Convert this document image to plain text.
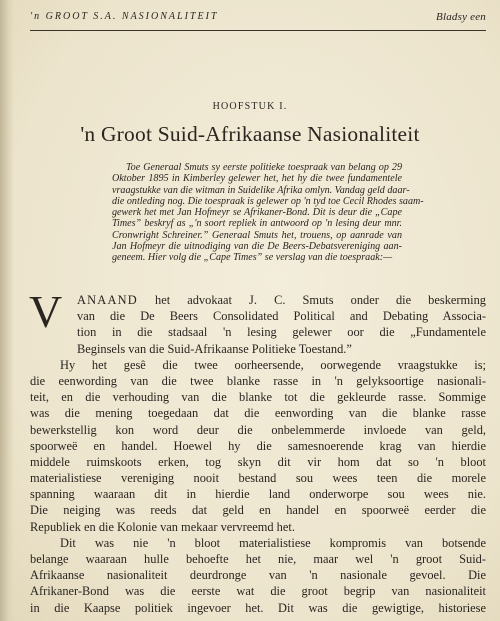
'n GROOT S.A. NASIONALITEIT	Bladsy een
HOOFSTUK I.
'n Groot Suid-Afrikaanse Nasionaliteit
Toe Generaal Smuts sy eerste politieke toespraak van belang op 29
Oktober 1895 in Kimberley gelewer het, het hy die twee fundamentele
vraagstukke van die witman in Suidelike Afrika omlyn. Vandag geld daar-
die ontleding nog. Die toespraak is gelewer op 'n tyd toe Cecil Rhodes saam-
gewerk het met Jan Hofmeyr se Afrikaner-Bond. Dit is deur die „Cape
Times” beskryf as „'n soort repliek in antwoord op 'n lesing deur mnr.
Cronwright Schreiner.” Generaal Smuts het, trouens, op aanrade van
Jan Hofmeyr die uitnodiging van die De Beers-Debatsvereniging aan-
geneem. Hier volg die „Cape Times” se verslag van die toespraak:—
V	ANAAND het advokaat J. C. Smuts onder die beskerming
van die De Beers Consolidated Political and Debating Associa-
tion in die stadsaal 'n lesing gelewer oor die „Fundamentele
Beginsels van die Suid-Afrikaanse Politieke Toestand.”
Hy het gesê die twee oorheersende, oorwegende vraagstukke is;
die eenwording van die twee blanke rasse in 'n gelyksoortige nasionali-
teit, en die verhouding van die blanke tot die gekleurde rasse. Sommige
was die mening toegedaan dat die eenwording van die blanke rasse
bewerkstellig kon word deur die onbelemmerde invloede van geld,
spoorweë en handel. Hoewel hy die samesnoerende krag van hierdie
middele ruimskoots erken, tog skyn dit vir hom dat so 'n bloot
materialistiese vereniging nooit bestand sou wees teen die morele
spanning waaraan dit in hierdie land onderworpe sou wees nie.
Die neiging was reeds dat geld en handel en spoorweë eerder die
Republiek en die Kolonie van mekaar vervreemd het.
Dit was nie 'n bloot materialistiese kompromis van botsende
belange waaraan hulle behoefte het nie, maar wel 'n groot Suid-
Afrikaanse nasionaliteit deurdronge van 'n nasionale gevoel. Die
Afrikaner-Bond was die eerste wat die groot begrip van nasionaliteit
in die Kaapse politiek ingevoer het. Dit was die gewigtige, historiese
